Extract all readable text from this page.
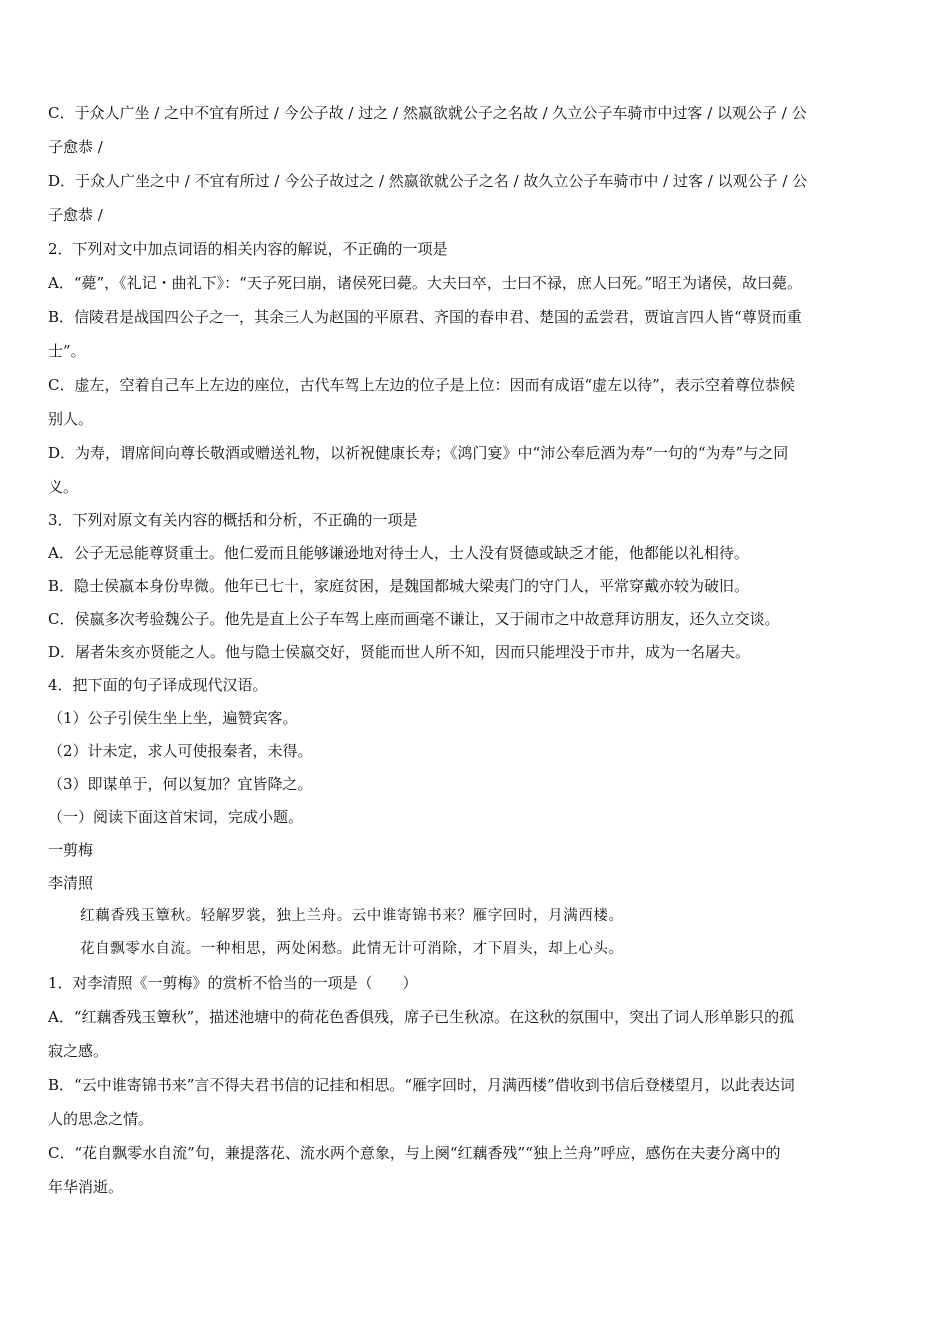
C．于众人广坐 / 之中不宜有所过 / 今公子故 / 过之 / 然嬴欲就公子之名故 / 久立公子车骑市中过客 / 以观公子 / 公
子愈恭 /
D．于众人广坐之中 / 不宜有所过 / 今公子故过之 / 然嬴欲就公子之名 / 故久立公子车骑市中 / 过客 / 以观公子 / 公
子愈恭 /
2．下列对文中加点词语的相关内容的解说，不正确的一项是
A．“薨”，《礼记・曲礼下》：“天子死曰崩，诸侯死曰薨。大夫曰卒，士曰不禄，庶人曰死。”昭王为诸侯，故曰薨。
B．信陵君是战国四公子之一，其余三人为赵国的平原君、齐国的春申君、楚国的孟尝君，贾谊言四人皆“尊贤而重
士”。
C．虚左，空着自己车上左边的座位，古代车驾上左边的位子是上位：因而有成语“虚左以待”，表示空着尊位恭候
别人。
D．为寿，谓席间向尊长敬酒或赠送礼物，以祈祝健康长寿；《鸿门宴》中“沛公奉卮酒为寿”一句的“为寿”与之同
义。
3．下列对原文有关内容的概括和分析，不正确的一项是
A．公子无忌能尊贤重士。他仁爱而且能够谦逊地对待士人，士人没有贤德或缺乏才能，他都能以礼相待。
B．隐士侯嬴本身份卑微。他年已七十，家庭贫困，是魏国都城大梁夷门的守门人，平常穿戴亦较为破旧。
C．侯嬴多次考验魏公子。他先是直上公子车驾上座而画毫不谦让，又于闹市之中故意拜访朋友，还久立交谈。
D．屠者朱亥亦贤能之人。他与隐士侯嬴交好，贤能而世人所不知，因而只能埋没于市井，成为一名屠夫。
4．把下面的句子译成现代汉语。
（1）公子引侯生坐上坐，遍赞宾客。
（2）计未定，求人可使报秦者，未得。
（3）即谋单于，何以复加？宜皆降之。
（一）阅读下面这首宋词，完成小题。
一剪梅
李清照
红藕香残玉簟秋。轻解罗裳，独上兰舟。云中谁寄锦书来？雁字回时，月满西楼。
花自飘零水自流。一种相思，两处闲愁。此情无计可消除，才下眉头，却上心头。
1．对李清照《一剪梅》的赏析不恰当的一项是（　　）
A．“红藕香残玉簟秋”，描述池塘中的荷花色香俱残，席子已生秋凉。在这秋的氛围中，突出了词人形单影只的孤
寂之感。
B．“云中谁寄锦书来”言不得夫君书信的记挂和相思。“雁字回时，月满西楼”借收到书信后登楼望月，以此表达词
人的思念之情。
C．“花自飘零水自流”句，兼提落花、流水两个意象，与上阕“红藕香残”“独上兰舟”呼应，感伤在夫妻分离中的
年华消逝。
